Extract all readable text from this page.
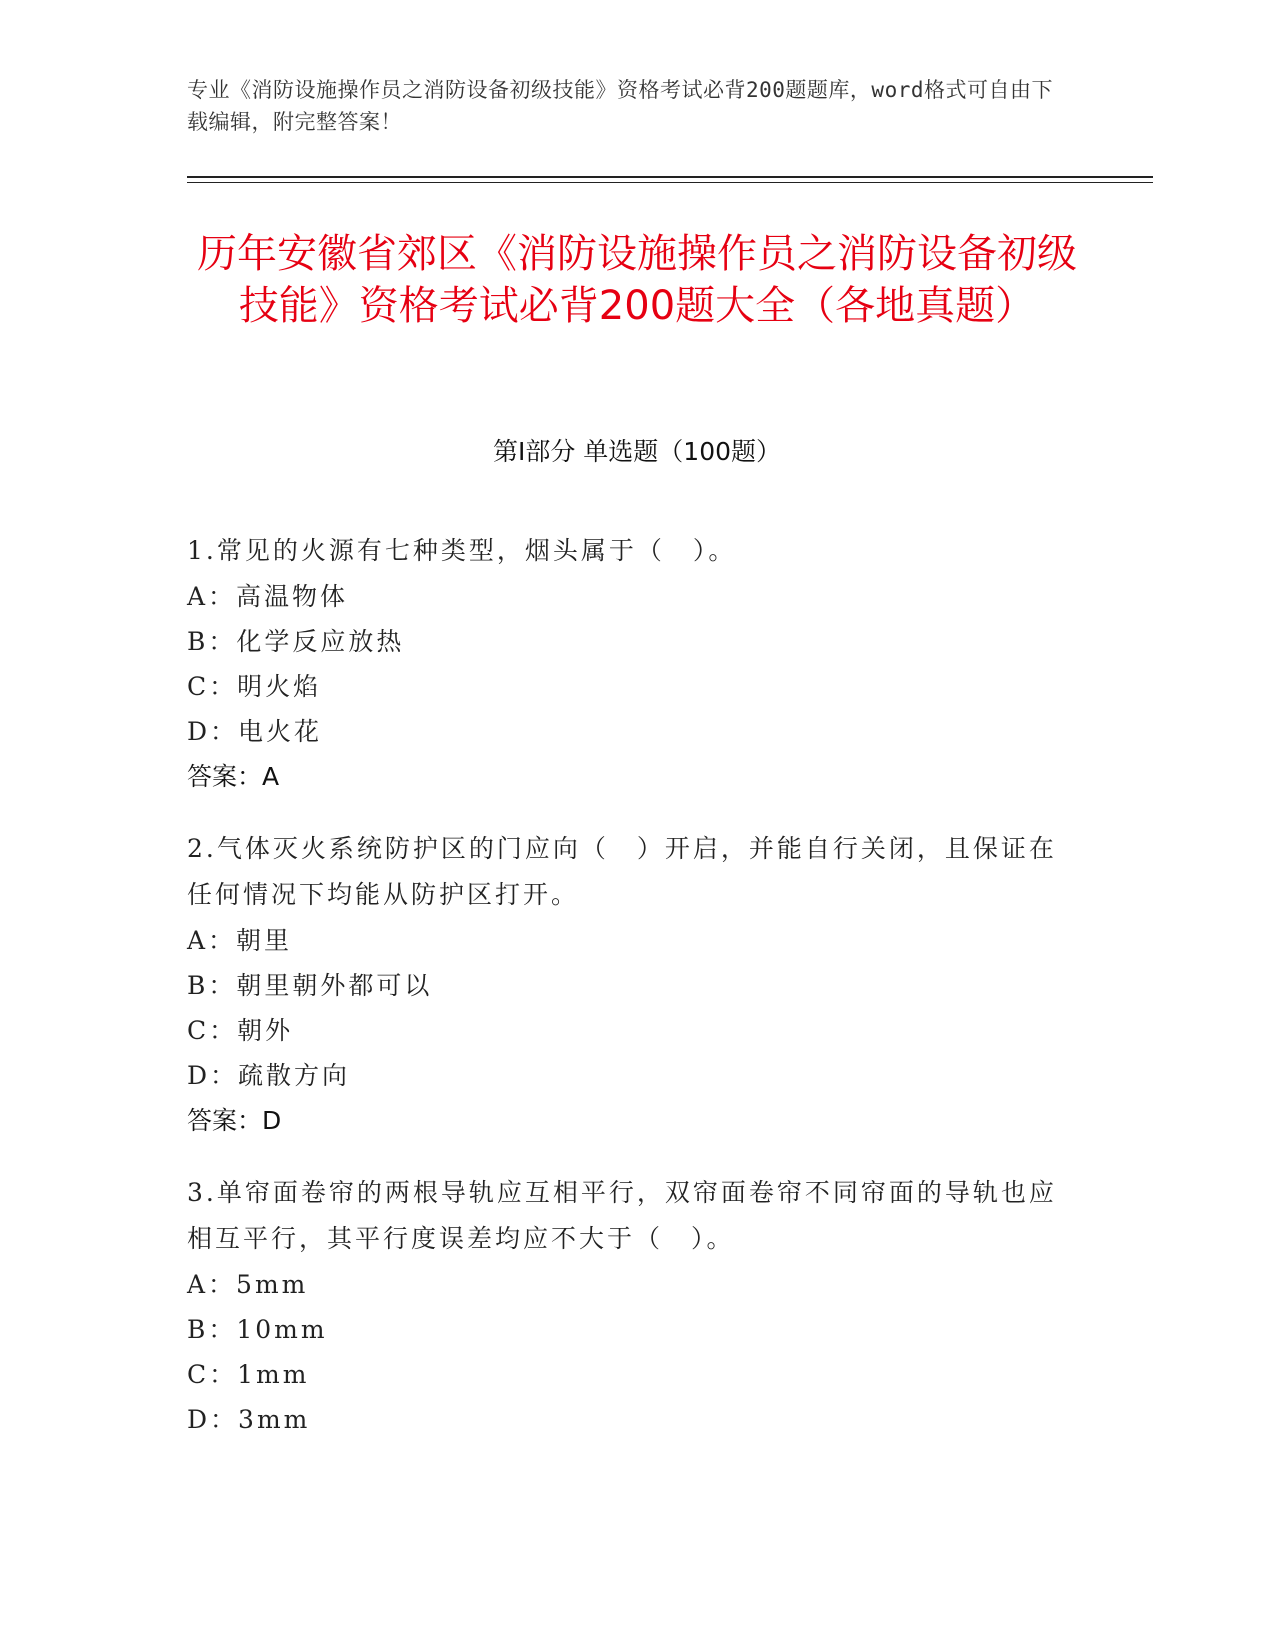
专业《消防设施操作员之消防设备初级技能》资格考试必背200题题库，word格式可自由下载编辑，附完整答案！
历年安徽省郊区《消防设施操作员之消防设备初级技能》资格考试必背200题大全（各地真题）
第Ⅰ部分 单选题（100题）

1.常见的火源有七种类型，烟头属于（　）。

A：高温物体

B：化学反应放热

C：明火焰

D：电火花

答案：A

2.气体灭火系统防护区的门应向（　）开启，并能自行关闭，且保证在任何情况下均能从防护区打开。

A：朝里

B：朝里朝外都可以

C：朝外

D：疏散方向

答案：D

3.单帘面卷帘的两根导轨应互相平行，双帘面卷帘不同帘面的导轨也应相互平行，其平行度误差均应不大于（　）。

A：5mm

B：10mm

C：1mm

D：3mm
